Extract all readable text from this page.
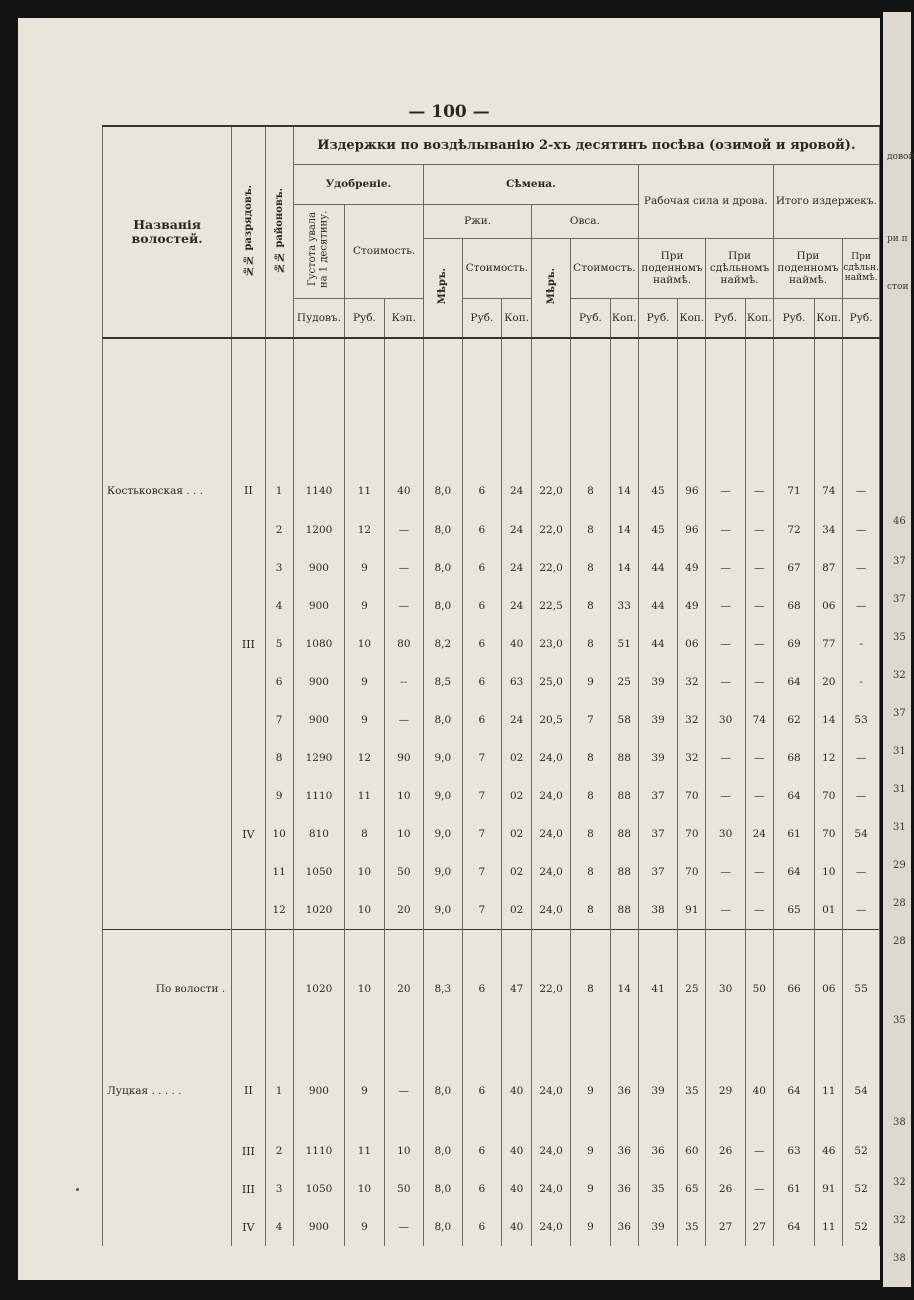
— 100 —
Названія волостей.	№№ разрядовъ.	№№ районовъ.	Издержки по воздѣлыванію 2-хъ десятинъ посѣва (озимой и яровой).															
			Удобреніе.			Сѣмена.						Рабочая сила и дрова.				Итого издержекъ.		
			Густота увала на 1 десятину.	Стоимость.		Ржи.			Овса.									
						Мѣръ.	Стоимость.		Мѣръ.	Стоимость.		При поденномъ наймѣ.		При сдѣльномъ наймѣ.		При поденномъ наймѣ.		При сдѣльн. наймѣ.
			Пудовъ.	Руб.	Кэп.		Руб.	Коп.		Руб.	Коп.	Руб.	Коп.	Руб.	Коп.	Руб.	Коп.	Руб.
Костьковская . . .	II	1	1140	11	40	8,0	6	24	22,0	8	14	45	96	—	—	71	74	—
		2	1200	12	—	8,0	6	24	22,0	8	14	45	96	—	—	72	34	—
		3	900	9	—	8,0	6	24	22,0	8	14	44	49	—	—	67	87	—
		4	900	9	—	8,0	6	24	22,5	8	33	44	49	—	—	68	06	—
	III	5	1080	10	80	8,2	6	40	23,0	8	51	44	06	—	—	69	77	-
		6	900	9	--	8,5	6	63	25,0	9	25	39	32	—	—	64	20	-
		7	900	9	—	8,0	6	24	20,5	7	58	39	32	30	74	62	14	53
		8	1290	12	90	9,0	7	02	24,0	8	88	39	32	—	—	68	12	—
		9	1110	11	10	9,0	7	02	24,0	8	88	37	70	—	—	64	70	—
	IV	10	810	8	10	9,0	7	02	24,0	8	88	37	70	30	24	61	70	54
		11	1050	10	50	9,0	7	02	24,0	8	88	37	70	—	—	64	10	—
		12	1020	10	20	9,0	7	02	24,0	8	88	38	91	—	—	65	01	—
По волости .			1020	10	20	8,3	6	47	22,0	8	14	41	25	30	50	66	06	55
Луцкая . . . . .	II	1	900	9	—	8,0	6	40	24,0	9	36	39	35	29	40	64	11	54
	III	2	1110	11	10	8,0	6	40	24,0	9	36	36	60	26	—	63	46	52
	III	3	1050	10	50	8,0	6	40	24,0	9	36	35	65	26	—	61	91	52
	IV	4	900	9	—	8,0	6	40	24,0	9	36	39	35	27	27	64	11	52
46
37
37
35
32
37
31
31
31
29
28
28
35
38
32
32
38
довой
ри п
стои
